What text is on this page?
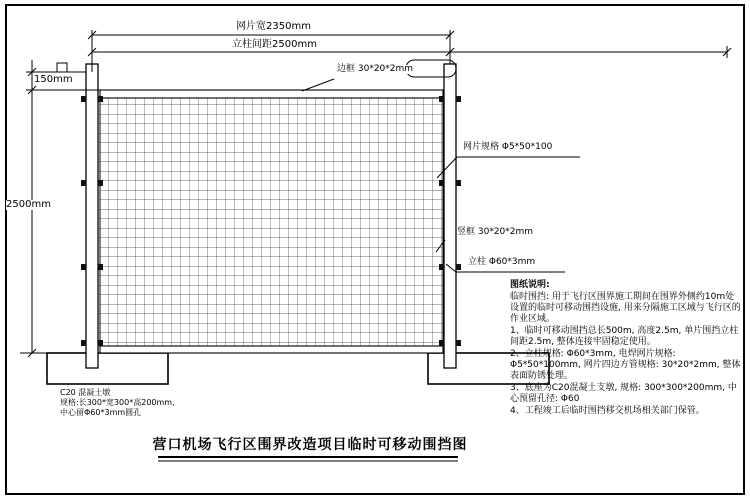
网片宽2350mm
立柱间距2500mm
150mm
2500mm
边框 30*20*2mm
网片规格 Φ5*50*100
竖框 30*20*2mm
立柱 Φ60*3mm
C20 混凝土墩
规格:长300*宽300*高200mm,
中心留Φ60*3mm圆孔
图纸说明:

临时围挡: 用于飞行区围界施工期间在围界外侧约10m处设置的临时可移动围挡设施, 用来分隔施工区域与飞行区的作业区域。

1、临时可移动围挡总长500m, 高度2.5m, 单片围挡立柱间距2.5m, 整体连接牢固稳定使用。

2、立柱规格: Φ60*3mm, 电焊网片规格: Φ5*50*100mm, 网片四边方管规格: 30*20*2mm, 整体表面防锈处理。

3、底座为C20混凝土支墩, 规格: 300*300*200mm, 中心预留孔径: Φ60

4、工程竣工后临时围挡移交机场相关部门保管。

营口机场飞行区围界改造项目临时可移动围挡图
